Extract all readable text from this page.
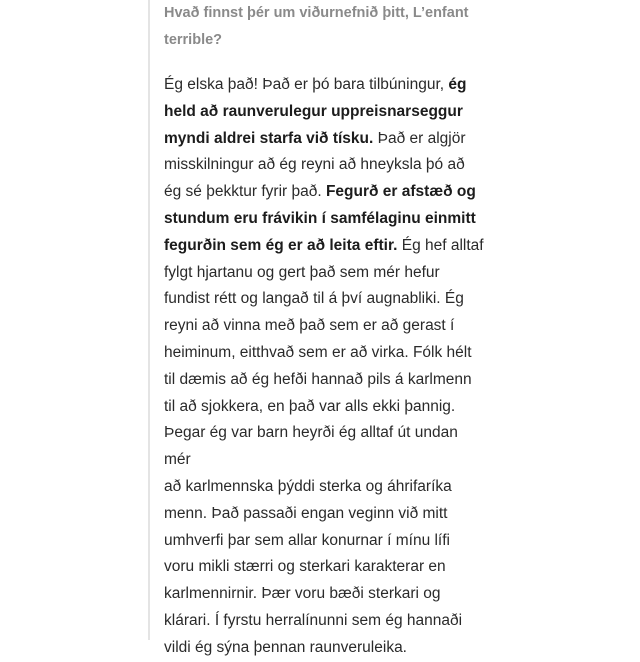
Hvað finnst þér um viðurnefnið þitt, L’enfant
terrible?
Ég elska það! Það er þó bara tilbúningur, ég
held að raunverulegur uppreisnarseggur
myndi aldrei starfa við tísku. Það er algjör
misskilningur að ég reyni að hneyksla þó að
ég sé þekktur fyrir það. Fegurð er afstæð og
stundum eru frávikin í samfélaginu einmitt
fegurðin sem ég er að leita eftir. Ég hef alltaf
fylgt hjartanu og gert það sem mér hefur
fundist rétt og langað til á því augnabliki. Ég
reyni að vinna með það sem er að gerast í
heiminum, eitthvað sem er að virka. Fólk hélt
til dæmis að ég hefði hannað pils á karlmenn
til að sjokkera, en það var alls ekki þannig.
Þegar ég var barn heyrði ég alltaf út undan
mér
að karlmennska þýddi sterka og áhrifaríka
menn. Það passaði engan veginn við mitt
umhverfi þar sem allar konurnar í mínu lífi
voru mikli stærri og sterkari karakterar en
karlmennirnir. Þær voru bæði sterkari og
klárari. Í fyrstu herralínunni sem ég hannaði
vildi ég sýna þennan raunveruleika.
